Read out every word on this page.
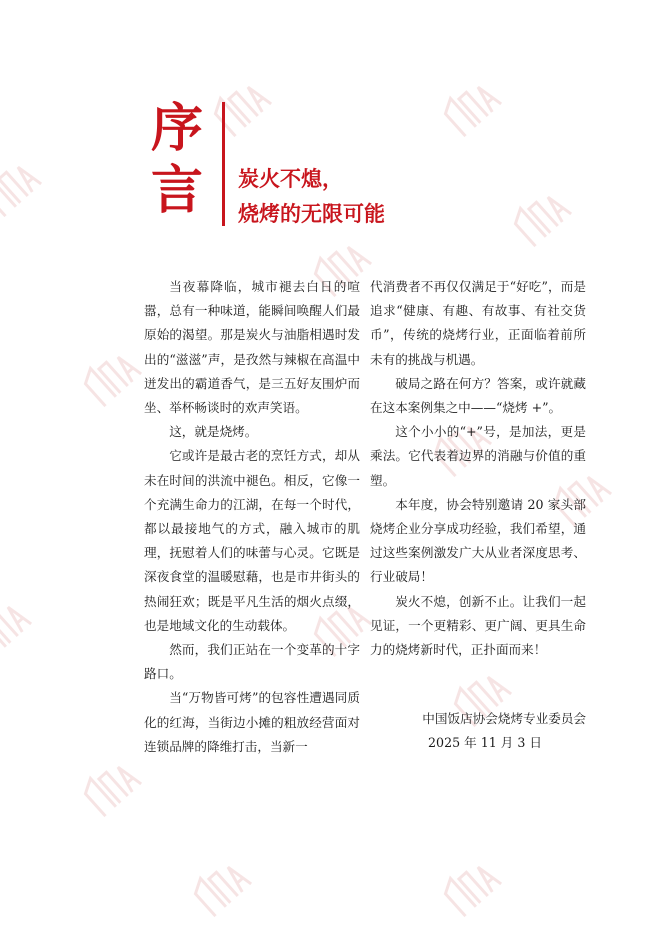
序
言 炭火不熄，
烧烤的无限可能

当夜幕降临，城市褪去白日的喧嚣，总有一种味道，能瞬间唤醒人们最原始的渴望。那是炭火与油脂相遇时发出的“滋滋”声，是孜然与辣椒在高温中迸发出的霸道香气，是三五好友围炉而坐、举杯畅谈时的欢声笑语。

这，就是烧烤。

它或许是最古老的烹饪方式，却从未在时间的洪流中褪色。相反，它像一个充满生命力的江湖，在每一个时代，都以最接地气的方式，融入城市的肌理，抚慰着人们的味蕾与心灵。它既是深夜食堂的温暖慰藉，也是市井街头的热闹狂欢；既是平凡生活的烟火点缀，也是地域文化的生动载体。

然而，我们正站在一个变革的十字路口。

当“万物皆可烤”的包容性遭遇同质化的红海，当街边小摊的粗放经营面对连锁品牌的降维打击，当新一

代消费者不再仅仅满足于“好吃”，而是追求“健康、有趣、有故事、有社交货币”，传统的烧烤行业，正面临着前所未有的挑战与机遇。

破局之路在何方？答案，或许就藏在这本案例集之中——“烧烤 +”。

这个小小的“+”号，是加法，更是乘法。它代表着边界的消融与价值的重塑。

本年度，协会特别邀请 20 家头部烧烤企业分享成功经验，我们希望，通过这些案例激发广大从业者深度思考、行业破局！

炭火不熄，创新不止。让我们一起见证，一个更精彩、更广阔、更具生命力的烧烤新时代，正扑面而来！

中国饭店协会烧烤专业委员会
2025 年 11 月 3 日
